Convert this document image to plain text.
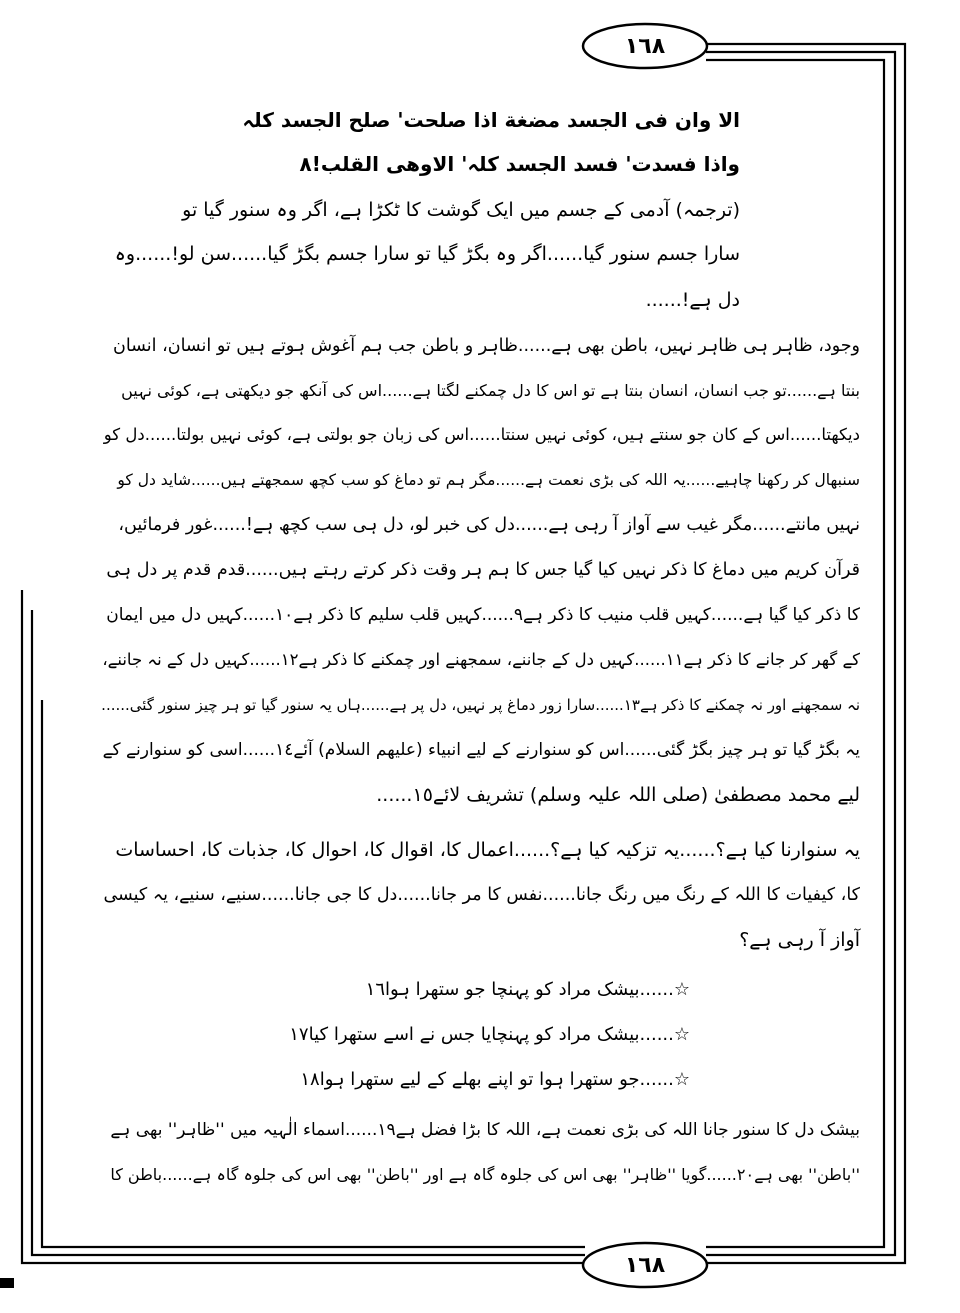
١٦٨
١٦٨
الا وان فی الجسد مضغة اذا صلحت' صلح الجسد کلہ
واذا فسدت' فسد الجسد کلہ' الاوھی القلب!٨
(ترجمہ) آدمی کے جسم میں ایک گوشت کا ٹکڑا ہے، اگر وہ سنور گیا تو
سارا جسم سنور گیا......اگر وہ بگڑ گیا تو سارا جسم بگڑ گیا......سن لو!......وہ
دل ہے!......
وجود، ظاہر ہی ظاہر نہیں، باطن بھی ہے......ظاہر و باطن جب ہم آغوش ہوتے ہیں تو انسان، انسان
بنتا ہے......تو جب انسان، انسان بنتا ہے تو اس کا دل چمکنے لگتا ہے......اس کی آنکھ جو دیکھتی ہے، کوئی نہیں
دیکھتا......اس کے کان جو سنتے ہیں، کوئی نہیں سنتا......اس کی زبان جو بولتی ہے، کوئی نہیں بولتا......دل کو
سنبھال کر رکھنا چاہیے......یہ اللہ کی بڑی نعمت ہے......مگر ہم تو دماغ کو سب کچھ سمجھتے ہیں......شاید دل کو
نہیں مانتے......مگر غیب سے آواز آ رہی ہے......دل کی خبر لو، دل ہی سب کچھ ہے!......غور فرمائیں،
قرآن کریم میں دماغ کا ذکر نہیں کیا گیا جس کا ہم ہر وقت ذکر کرتے رہتے ہیں......قدم قدم پر دل ہی
کا ذکر کیا گیا ہے......کہیں قلب منیب کا ذکر ہے٩......کہیں قلب سلیم کا ذکر ہے١٠......کہیں دل میں ایمان
کے گھر کر جانے کا ذکر ہے١١......کہیں دل کے جاننے، سمجھنے اور چمکنے کا ذکر ہے١٢......کہیں دل کے نہ جاننے،
نہ سمجھنے اور نہ چمکنے کا ذکر ہے١٣......سارا زور دماغ پر نہیں، دل پر ہے......ہاں یہ سنور گیا تو ہر چیز سنور گئی......
یہ بگڑ گیا تو ہر چیز بگڑ گئی......اس کو سنوارنے کے لیے انبیاء (علیھم السلام) آئے١٤......اسی کو سنوارنے کے
لیے محمد مصطفیٰ (صلی اللہ علیہ وسلم) تشریف لائے١٥......
یہ سنوارنا کیا ہے؟......یہ تزکیہ کیا ہے؟......اعمال کا، اقوال کا، احوال کا، جذبات کا، احساسات
کا، کیفیات کا اللہ کے رنگ میں رنگ جانا......نفس کا مر جانا......دل کا جی جانا......سنیے، سنیے، یہ کیسی
آواز آ رہی ہے؟
☆......بیشک مراد کو پہنچا جو ستھرا ہوا١٦
☆......بیشک مراد کو پہنچایا جس نے اسے ستھرا کیا١٧
☆......جو ستھرا ہوا تو اپنے بھلے کے لیے ستھرا ہوا١٨
بیشک دل کا سنور جانا اللہ کی بڑی نعمت ہے، اللہ کا بڑا فضل ہے١٩......اسماء الٰہیہ میں ''ظاہر'' بھی ہے
''باطن'' بھی ہے٢٠......گویا ''ظاہر'' بھی اس کی جلوہ گاہ ہے اور ''باطن'' بھی اس کی جلوہ گاہ ہے......باطن کا
